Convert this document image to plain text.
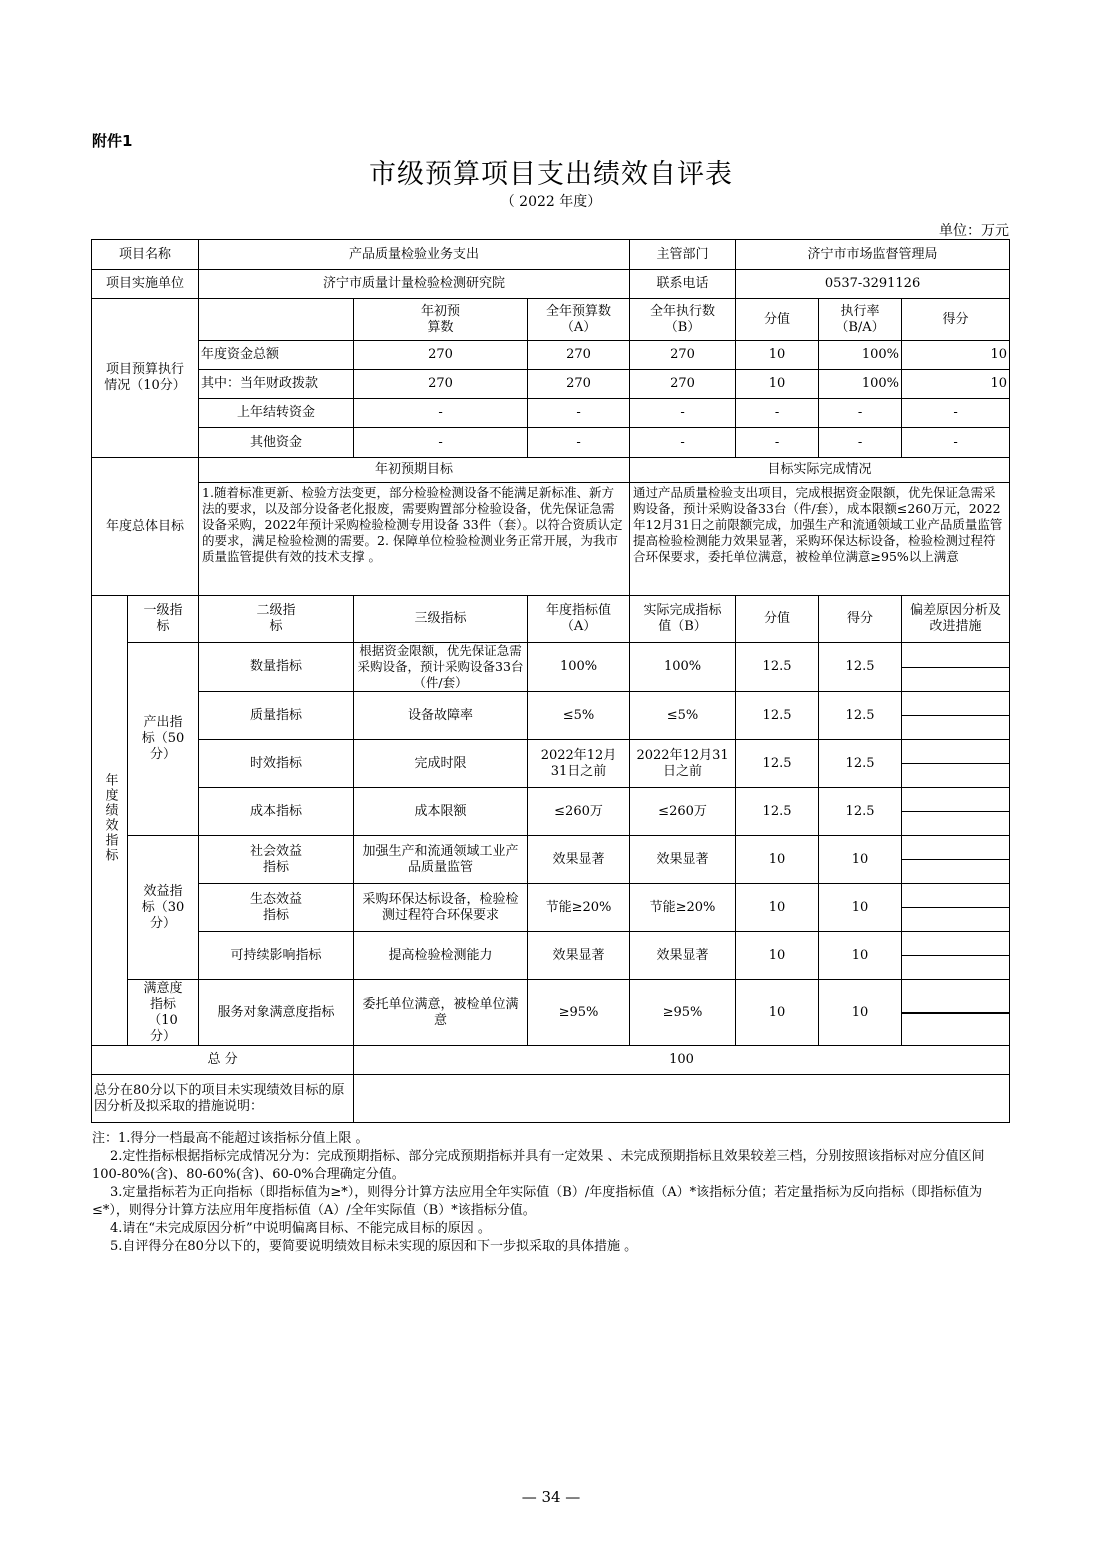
附件1
市级预算项目支出绩效自评表
（ 2022 年度）
单位：万元
项目名称		产品质量检验业务支出			主管部门	济宁市市场监督管理局		
项目实施单位		济宁市质量计量检验检测研究院			联系电话	0537-3291126		
项目预算执行情况（10分）			年初预算数	全年预算数（A）	全年执行数（B）	分值	执行率（B/A）	得分
		年度资金总额	270	270	270	10	100%	10
		其中：当年财政拨款	270	270	270	10	100%	10
		上年结转资金	-	-	-	-	-	-
		其他资金	-	-	-	-	-	-
年度总体目标		年初预期目标			目标实际完成情况			
		1.随着标准更新、检验方法变更，部分检验检测设备不能满足新标准、新方法的要求，以及部分设备老化报废，需要购置部分检验设备，优先保证急需设备采购，2022年预计采购检验检测专用设备 33件（套）。以符合资质认定的要求，满足检验检测的需要。2. 保障单位检验检测业务正常开展，为我市质量监管提供有效的技术支撑 。			通过产品质量检验支出项目，完成根据资金限额，优先保证急需采购设备，预计采购设备33台（件/套），成本限额≤260万元，2022年12月31日之前限额完成，加强生产和流通领域工业产品质量监管提高检验检测能力效果显著，采购环保达标设备，检验检测过程符合环保要求，委托单位满意，被检单位满意≥95%以上满意			
年度绩效指标	一级指标	二级指标	三级指标	年度指标值（A）	实际完成指标值（B）	分值	得分	偏差原因分析及改进措施
	产出指标（50分）	数量指标	根据资金限额，优先保证急需采购设备，预计采购设备33台（件/套）	100%	100%	12.5	12.5	

		质量指标	设备故障率	≤5%	≤5%	12.5	12.5	

		时效指标	完成时限	2022年12月31日之前	2022年12月31日之前	12.5	12.5	

		成本指标	成本限额	≤260万	≤260万	12.5	12.5	

	效益指标（30分）	社会效益指标	加强生产和流通领域工业产品质量监管	效果显著	效果显著	10	10	

		生态效益指标	采购环保达标设备，检验检测过程符合环保要求	节能≥20%	节能≥20%	10	10	

		可持续影响指标	提高检验检测能力	效果显著	效果显著	10	10	

	满意度指标（10分）	服务对象满意度指标	委托单位满意，被检单位满意	≥95%	≥95%	10	10	

总 分			100					
总分在80分以下的项目未实现绩效目标的原因分析及拟采取的措施说明：								

注：1.得分一档最高不能超过该指标分值上限 。

2.定性指标根据指标完成情况分为：完成预期指标、部分完成预期指标并具有一定效果 、未完成预期指标且效果较差三档，分别按照该指标对应分值区间100-80%(含)、80-60%(含)、60-0%合理确定分值。

3.定量指标若为正向指标（即指标值为≥*），则得分计算方法应用全年实际值（B）/年度指标值（A）*该指标分值；若定量指标为反向指标（即指标值为≤*），则得分计算方法应用年度指标值（A）/全年实际值（B）*该指标分值。

4.请在“未完成原因分析”中说明偏离目标、不能完成目标的原因 。

5.自评得分在80分以下的，要简要说明绩效目标未实现的原因和下一步拟采取的具体措施 。

— 34 —
